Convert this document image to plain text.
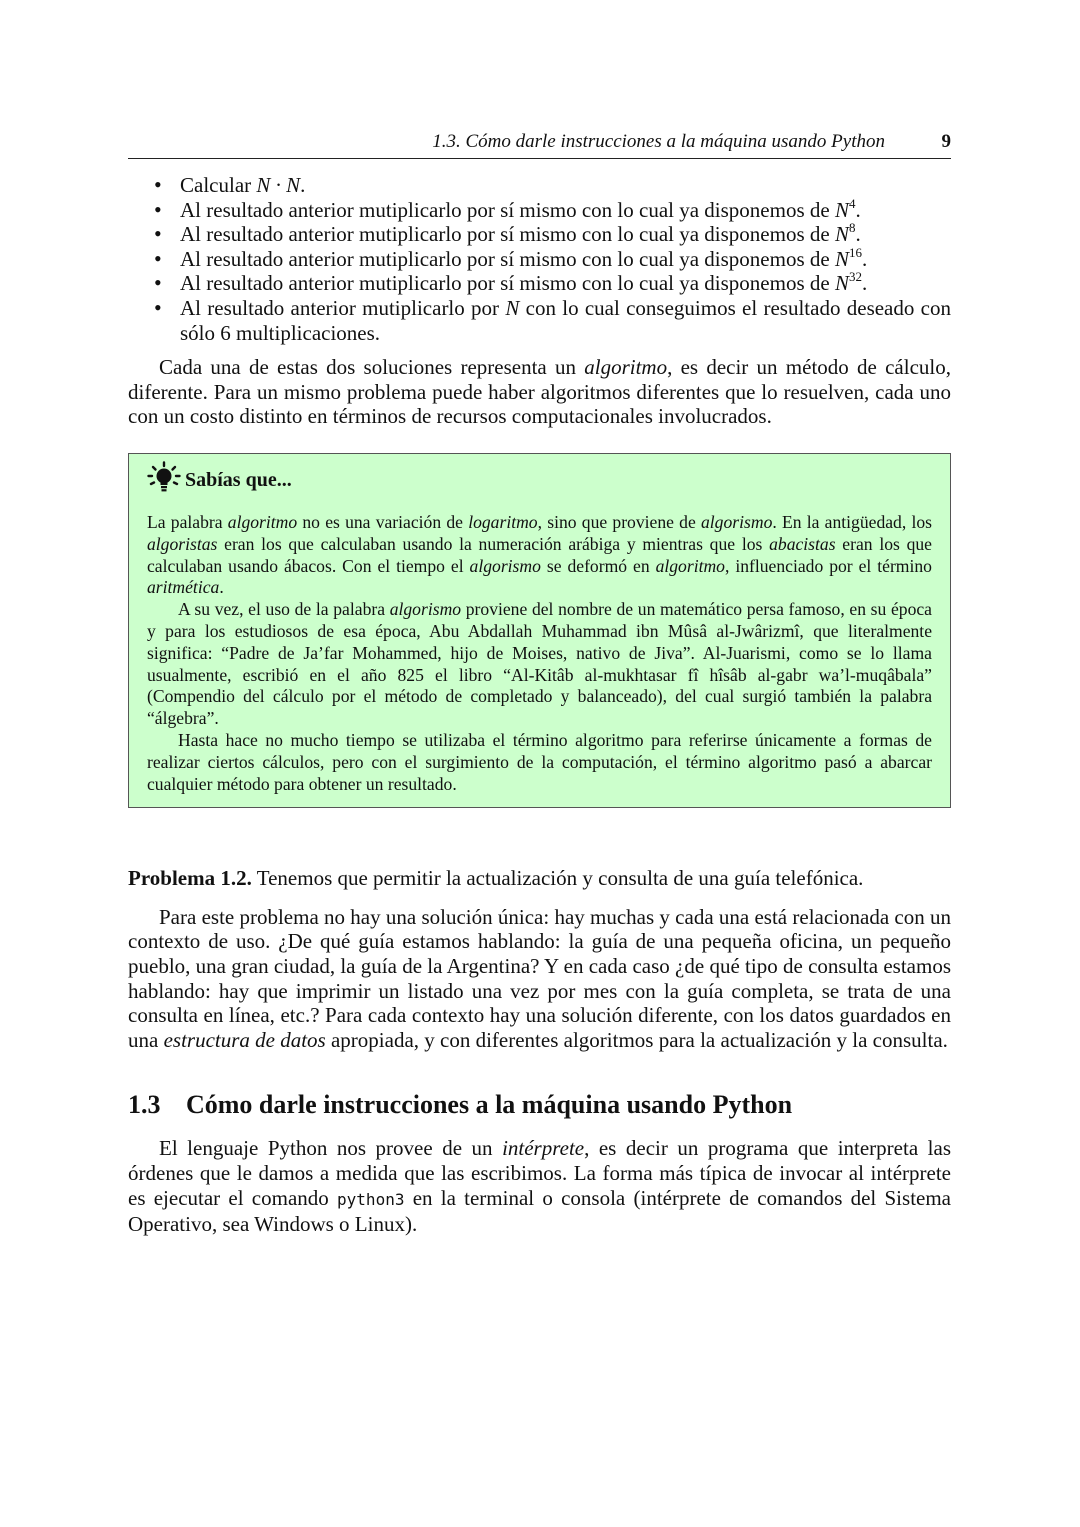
1.3. Cómo darle instrucciones a la máquina usando Python	9
• Calcular N · N.
• Al resultado anterior mutiplicarlo por sí mismo con lo cual ya disponemos de $N^4$.
• Al resultado anterior mutiplicarlo por sí mismo con lo cual ya disponemos de $N^8$.
• Al resultado anterior mutiplicarlo por sí mismo con lo cual ya disponemos de $N^{16}$.
• Al resultado anterior mutiplicarlo por sí mismo con lo cual ya disponemos de $N^{32}$.
• Al resultado anterior mutiplicarlo por N con lo cual conseguimos el resultado deseado con sólo 6 multiplicaciones.

Cada una de estas dos soluciones representa un algoritmo, es decir un método de cálculo, diferente. Para un mismo problema puede haber algoritmos diferentes que lo resuelven, cada uno con un costo distinto en términos de recursos computacionales involucrados.

Sabías que...

La palabra algoritmo no es una variación de logaritmo, sino que proviene de algorismo. En la antigüedad, los algoristas eran los que calculaban usando la numeración arábiga y mientras que los abacistas eran los que calculaban usando ábacos. Con el tiempo el algorismo se deformó en algoritmo, influenciado por el término aritmética.

A su vez, el uso de la palabra algorismo proviene del nombre de un matemático persa famoso, en su época y para los estudiosos de esa época, Abu Abdallah Muhammad ibn Mûsâ al-Jwârizmî, que literalmente significa: “Padre de Ja’far Mohammed, hijo de Moises, nativo de Jiva”. Al-Juarismi, como se lo llama usualmente, escribió en el año 825 el libro “Al-Kitâb al-mukhtasar fî hîsâb al-gabr wa’l-muqâbala” (Compendio del cálculo por el método de completado y balanceado), del cual surgió también la palabra “álgebra”.

Hasta hace no mucho tiempo se utilizaba el término algoritmo para referirse únicamente a formas de realizar ciertos cálculos, pero con el surgimiento de la computación, el término algoritmo pasó a abarcar cualquier método para obtener un resultado.

Problema 1.2. Tenemos que permitir la actualización y consulta de una guía telefónica.

Para este problema no hay una solución única: hay muchas y cada una está relacionada con un contexto de uso. ¿De qué guía estamos hablando: la guía de una pequeña oficina, un pequeño pueblo, una gran ciudad, la guía de la Argentina? Y en cada caso ¿de qué tipo de consulta estamos hablando: hay que imprimir un listado una vez por mes con la guía completa, se trata de una consulta en línea, etc.? Para cada contexto hay una solución diferente, con los datos guardados en una estructura de datos apropiada, y con diferentes algoritmos para la actualización y la consulta.

1.3 Cómo darle instrucciones a la máquina usando Python

El lenguaje Python nos provee de un intérprete, es decir un programa que interpreta las órdenes que le damos a medida que las escribimos. La forma más típica de invocar al intérprete es ejecutar el comando python3 en la terminal o consola (intérprete de comandos del Sistema Operativo, sea Windows o Linux).
